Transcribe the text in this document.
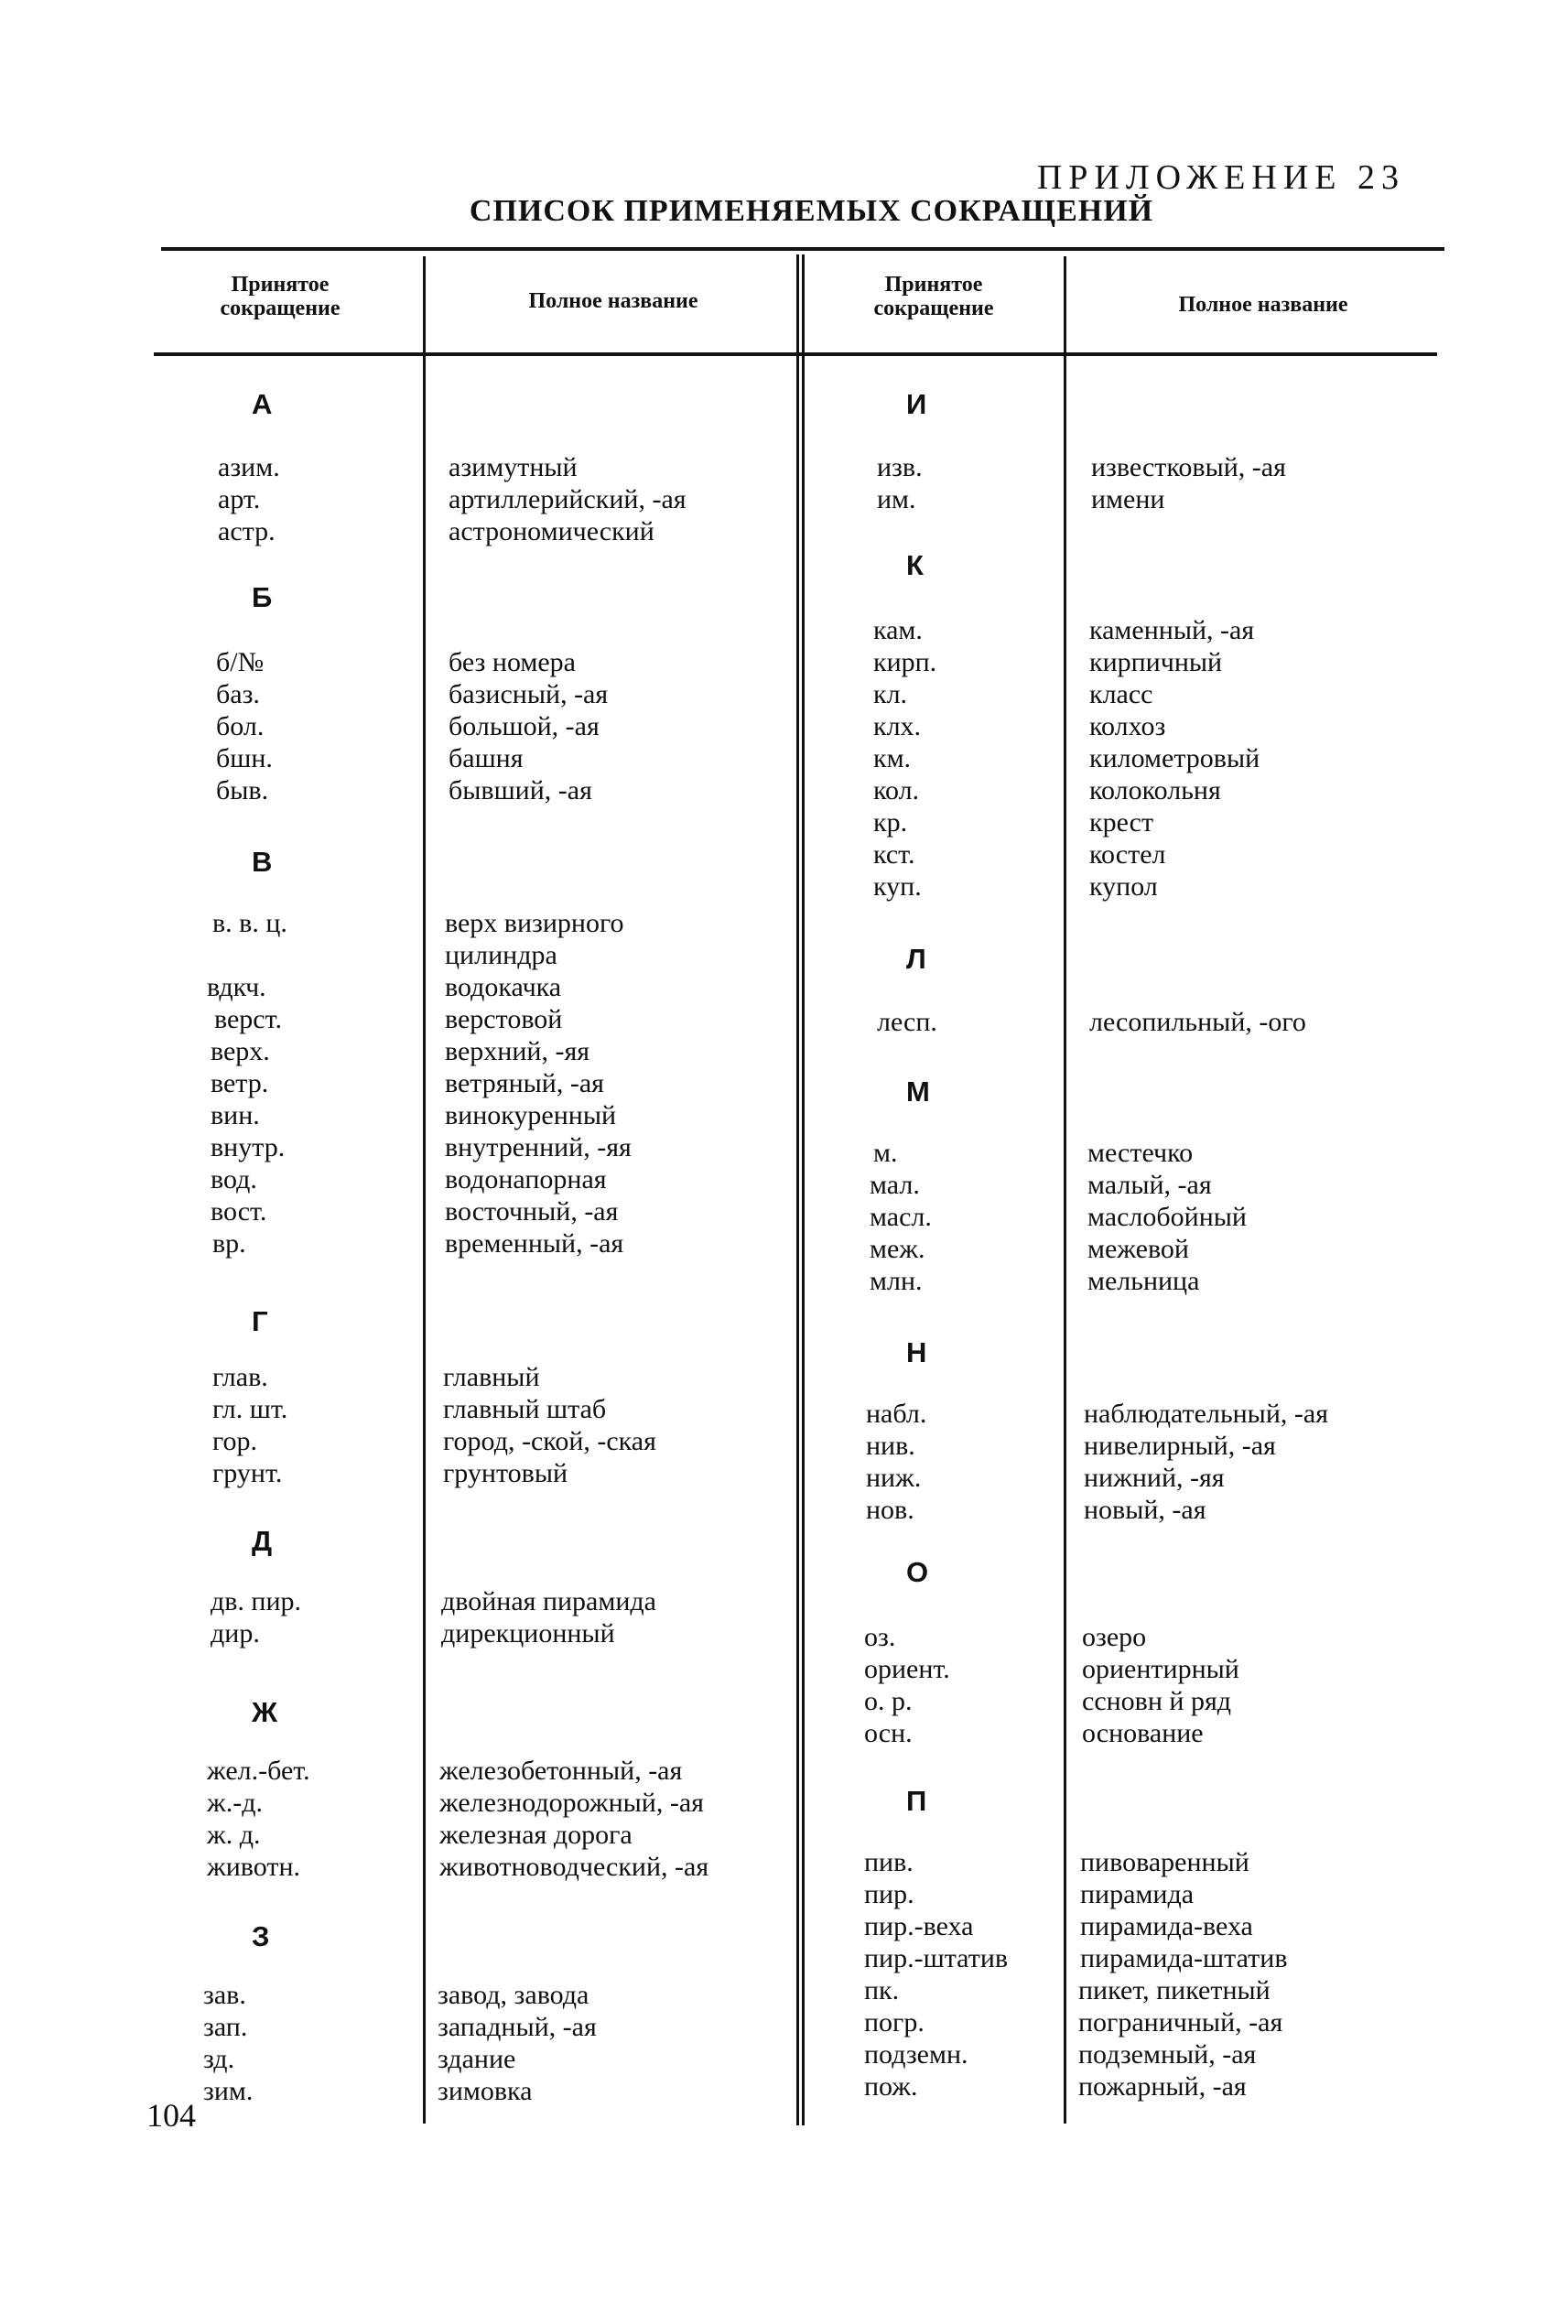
ПРИЛОЖЕНИЕ 23
СПИСОК ПРИМЕНЯЕМЫХ СОКРАЩЕНИЙ
Принятое сокращение	Полное название
Принятое сокращение	Полное название
А
Б
В
Г
Д
Ж
З
азим.	азимутный
арт.	артиллерийский, -ая
астр.	астрономический
б/№	без номера
баз.	базисный, -ая
бол.	большой, -ая
бшн.	башня
быв.	бывший, -ая
в. в. ц.	верх визирного
цилиндра
вдкч.	водокачка
верст.	верстовой
верх.	верхний, -яя
ветр.	ветряный, -ая
вин.	винокуренный
внутр.	внутренний, -яя
вод.	водонапорная
вост.	восточный, -ая
вр.	временный, -ая
глав.	главный
гл. шт.	главный штаб
гор.	город, -ской, -ская
грунт.	грунтовый
дв. пир.	двойная пирамида
дир.	дирекционный
жел.-бет.	железобетонный, -ая
ж.-д.	железнодорожный, -ая
ж. д.	железная дорога
животн.	животноводческий, -ая
зав.	завод, завода
зап.	западный, -ая
зд.	здание
зим.	зимовка
И
К
Л
М
Н
О
П
изв.	известковый, -ая
им.	имени
кам.	каменный, -ая
кирп.	кирпичный
кл.	класс
клх.	колхоз
км.	километровый
кол.	колокольня
кр.	крест
кст.	костел
куп.	купол
лесп.	лесопильный, -ого
м.	местечко
мал.	малый, -ая
масл.	маслобойный
меж.	межевой
млн.	мельница
набл.	наблюдательный, -ая
нив.	нивелирный, -ая
ниж.	нижний, -яя
нов.	новый, -ая
оз.	озеро
ориент.	ориентирный
о. р.	ссновн й ряд
осн.	основание
пив.	пивоваренный
пир.	пирамида
пир.-веха	пирамида-веха
пир.-штатив	пирамида-штатив
пк.	пикет, пикетный
погр.	пограничный, -ая
подземн.	подземный, -ая
пож.	пожарный, -ая
104
